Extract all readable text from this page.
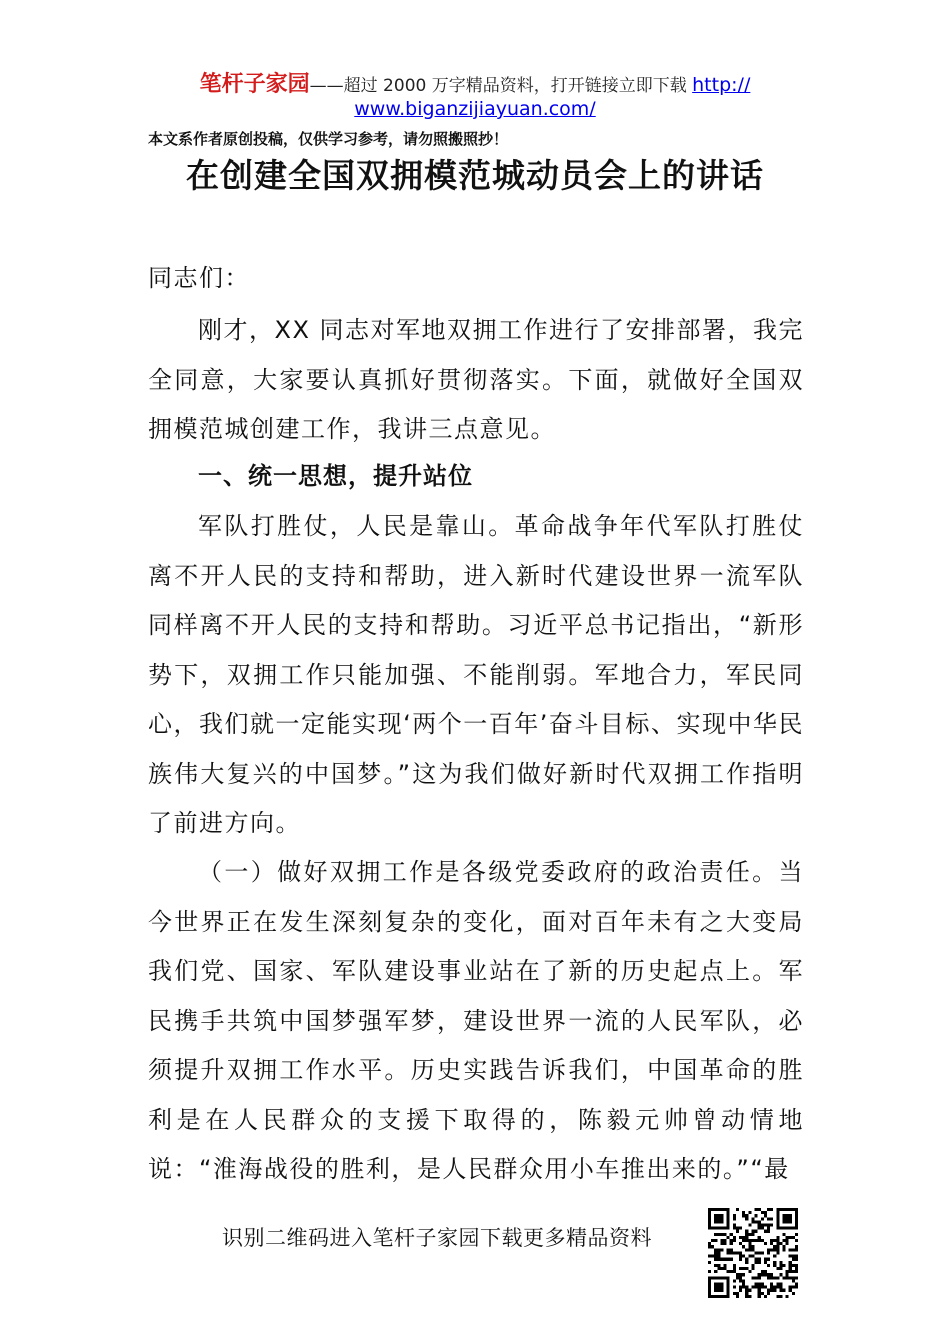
笔杆子家园——超过 2000 万字精品资料，打开链接立即下载 http://
www.biganzijiayuan.com/
本文系作者原创投稿，仅供学习参考，请勿照搬照抄！
在创建全国双拥模范城动员会上的讲话
同志们：
刚才，XX 同志对军地双拥工作进行了安排部署，我完全同意，大家要认真抓好贯彻落实。下面，就做好全国双拥模范城创建工作，我讲三点意见。
一、统一思想，提升站位
军队打胜仗，人民是靠山。革命战争年代军队打胜仗离不开人民的支持和帮助，进入新时代建设世界一流军队同样离不开人民的支持和帮助。习近平总书记指出，“新形势下，双拥工作只能加强、不能削弱。军地合力，军民同心，我们就一定能实现‘两个一百年’奋斗目标、实现中华民族伟大复兴的中国梦。”这为我们做好新时代双拥工作指明了前进方向。
（一）做好双拥工作是各级党委政府的政治责任。当今世界正在发生深刻复杂的变化，面对百年未有之大变局我们党、国家、军队建设事业站在了新的历史起点上。军民携手共筑中国梦强军梦，建设世界一流的人民军队，必须提升双拥工作水平。历史实践告诉我们，中国革命的胜利是在人民群众的支援下取得的，陈毅元帅曾动情地说：“淮海战役的胜利，是人民群众用小车推出来的。”“最
识别二维码进入笔杆子家园下载更多精品资料
